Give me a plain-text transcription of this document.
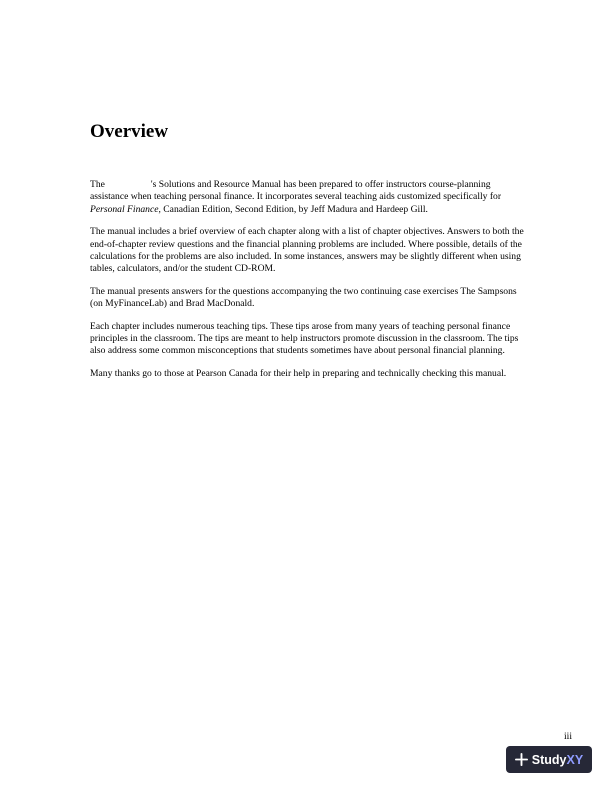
Overview

The	's Solutions and Resource Manual has been prepared to offer instructors course-planning assistance when teaching personal finance. It incorporates several teaching aids customized specifically for Personal Finance, Canadian Edition, Second Edition, by Jeff Madura and Hardeep Gill.

The manual includes a brief overview of each chapter along with a list of chapter objectives. Answers to both the end-of-chapter review questions and the financial planning problems are included. Where possible, details of the calculations for the problems are also included. In some instances, answers may be slightly different when using tables, calculators, and/or the student CD-ROM.

The manual presents answers for the questions accompanying the two continuing case exercises The Sampsons (on MyFinanceLab) and Brad MacDonald.

Each chapter includes numerous teaching tips. These tips arose from many years of teaching personal finance principles in the classroom. The tips are meant to help instructors promote discussion in the classroom. The tips also address some common misconceptions that students sometimes have about personal financial planning.

Many thanks go to those at Pearson Canada for their help in preparing and technically checking this manual.

iii
Study XY
